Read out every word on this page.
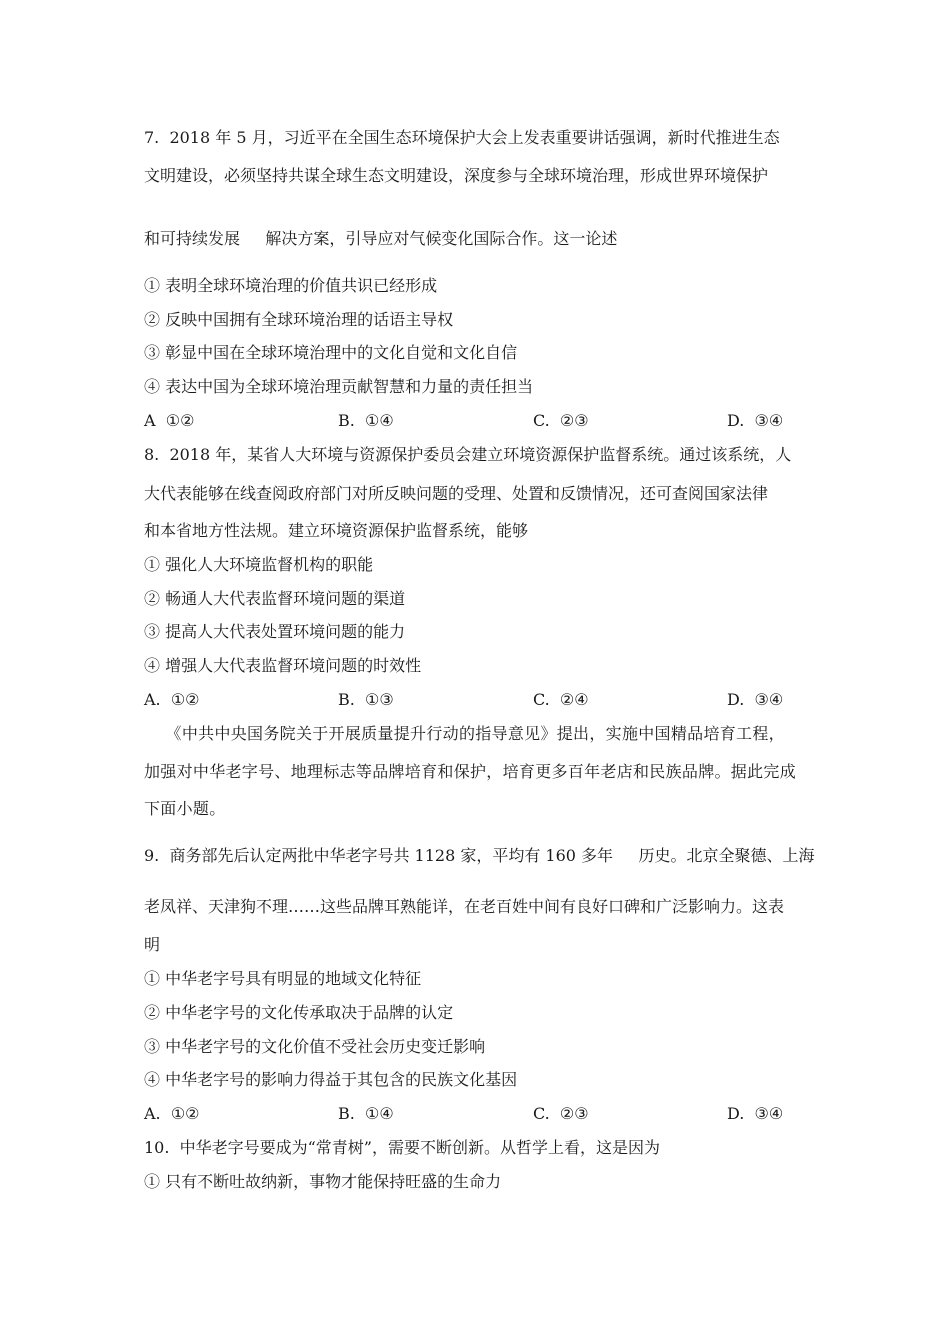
7.  2018 年 5 月，习近平在全国生态环境保护大会上发表重要讲话强调，新时代推进生态
文明建设，必须坚持共谋全球生态文明建设，深度参与全球环境治理，形成世界环境保护
和可持续发展     解决方案，引导应对气候变化国际合作。这一论述
① 表明全球环境治理的价值共识已经形成
② 反映中国拥有全球环境治理的话语主导权
③ 彰显中国在全球环境治理中的文化自觉和文化自信
④ 表达中国为全球环境治理贡献智慧和力量的责任担当
A  ①②	B.  ①④	C.  ②③	D.  ③④
8.  2018 年，某省人大环境与资源保护委员会建立环境资源保护监督系统。通过该系统，人
大代表能够在线查阅政府部门对所反映问题的受理、处置和反馈情况，还可查阅国家法律
和本省地方性法规。建立环境资源保护监督系统，能够
① 强化人大环境监督机构的职能
② 畅通人大代表监督环境问题的渠道
③ 提高人大代表处置环境问题的能力
④ 增强人大代表监督环境问题的时效性
A.  ①②	B.  ①③	C.  ②④	D.  ③④
《中共中央国务院关于开展质量提升行动的指导意见》提出，实施中国精品培育工程，
加强对中华老字号、地理标志等品牌培育和保护，培育更多百年老店和民族品牌。据此完成
下面小题。
9.  商务部先后认定两批中华老字号共 1128 家，平均有 160 多年     历史。北京全聚德、上海
老凤祥、天津狗不理……这些品牌耳熟能详，在老百姓中间有良好口碑和广泛影响力。这表
明
① 中华老字号具有明显的地域文化特征
② 中华老字号的文化传承取决于品牌的认定
③ 中华老字号的文化价值不受社会历史变迁影响
④ 中华老字号的影响力得益于其包含的民族文化基因
A.  ①②	B.  ①④	C.  ②③	D.  ③④
10.  中华老字号要成为“常青树”，需要不断创新。从哲学上看，这是因为
① 只有不断吐故纳新，事物才能保持旺盛的生命力
